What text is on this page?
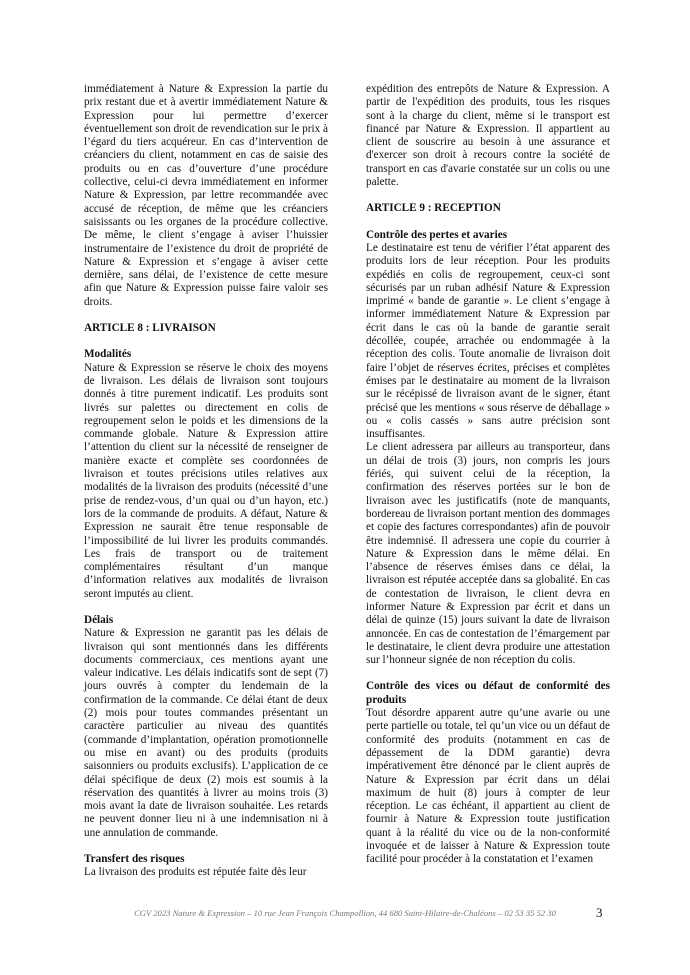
immédiatement à Nature & Expression la partie du prix restant due et à avertir immédiatement Nature & Expression pour lui permettre d’exercer éventuellement son droit de revendication sur le prix à l’égard du tiers acquéreur. En cas d’intervention de créanciers du client, notamment en cas de saisie des produits ou en cas d’ouverture d’une procédure collective, celui-ci devra immédiatement en informer Nature & Expression, par lettre recommandée avec accusé de réception, de même que les créanciers saisissants ou les organes de la procédure collective. De même, le client s’engage à aviser l’huissier instrumentaire de l’existence du droit de propriété de Nature & Expression et s’engage à aviser cette dernière, sans délai, de l’existence de cette mesure afin que Nature & Expression puisse faire valoir ses droits.

ARTICLE 8 : LIVRAISON
Modalités

Nature & Expression se réserve le choix des moyens de livraison. Les délais de livraison sont toujours donnés à titre purement indicatif. Les produits sont livrés sur palettes ou directement en colis de regroupement selon le poids et les dimensions de la commande globale. Nature & Expression attire l’attention du client sur la nécessité de renseigner de manière exacte et complète ses coordonnées de livraison et toutes précisions utiles relatives aux modalités de la livraison des produits (nécessité d’une prise de rendez-vous, d’un quai ou d’un hayon, etc.) lors de la commande de produits. A défaut, Nature & Expression ne saurait être tenue responsable de l’impossibilité de lui livrer les produits commandés. Les frais de transport ou de traitement complémentaires résultant d’un manque d’information relatives aux modalités de livraison seront imputés au client.

Délais

Nature & Expression ne garantit pas les délais de livraison qui sont mentionnés dans les différents documents commerciaux, ces mentions ayant une valeur indicative. Les délais indicatifs sont de sept (7) jours ouvrés à compter du lendemain de la confirmation de la commande. Ce délai étant de deux (2) mois pour toutes commandes présentant un caractère particulier au niveau des quantités (commande d’implantation, opération promotionnelle ou mise en avant) ou des produits (produits saisonniers ou produits exclusifs). L’application de ce délai spécifique de deux (2) mois est soumis à la réservation des quantités à livrer au moins trois (3) mois avant la date de livraison souhaitée. Les retards ne peuvent donner lieu ni à une indemnisation ni à une annulation de commande.

Transfert des risques

La livraison des produits est réputée faite dès leur

expédition des entrepôts de Nature & Expression. A partir de l'expédition des produits, tous les risques sont à la charge du client, même si le transport est financé par Nature & Expression. Il appartient au client de souscrire au besoin à une assurance et d'exercer son droit à recours contre la société de transport en cas d'avarie constatée sur un colis ou une palette.

ARTICLE 9 : RECEPTION
Contrôle des pertes et avaries

Le destinataire est tenu de vérifier l’état apparent des produits lors de leur réception. Pour les produits expédiés en colis de regroupement, ceux-ci sont sécurisés par un ruban adhésif Nature & Expression imprimé « bande de garantie ». Le client s’engage à informer immédiatement Nature & Expression par écrit dans le cas où la bande de garantie serait décollée, coupée, arrachée ou endommagée à la réception des colis. Toute anomalie de livraison doit faire l’objet de réserves écrites, précises et complètes émises par le destinataire au moment de la livraison sur le récépissé de livraison avant de le signer, étant précisé que les mentions « sous réserve de déballage » ou « colis cassés » sans autre précision sont insuffisantes.

Le client adressera par ailleurs au transporteur, dans un délai de trois (3) jours, non compris les jours fériés, qui suivent celui de la réception, la confirmation des réserves portées sur le bon de livraison avec les justificatifs (note de manquants, bordereau de livraison portant mention des dommages et copie des factures correspondantes) afin de pouvoir être indemnisé. Il adressera une copie du courrier à Nature & Expression dans le même délai. En l’absence de réserves émises dans ce délai, la livraison est réputée acceptée dans sa globalité. En cas de contestation de livraison, le client devra en informer Nature & Expression par écrit et dans un délai de quinze (15) jours suivant la date de livraison annoncée. En cas de contestation de l’émargement par le destinataire, le client devra produire une attestation sur l’honneur signée de non réception du colis.

Contrôle des vices ou défaut de conformité des produits

Tout désordre apparent autre qu’une avarie ou une perte partielle ou totale, tel qu’un vice ou un défaut de conformité des produits (notamment en cas de dépassement de la DDM garantie) devra impérativement être dénoncé par le client auprès de Nature & Expression par écrit dans un délai maximum de huit (8) jours à compter de leur réception. Le cas échéant, il appartient au client de fournir à Nature & Expression toute justification quant à la réalité du vice ou de la non-conformité invoquée et de laisser à Nature & Expression toute facilité pour procéder à la constatation et l’examen

CGV 2023 Nature & Expression – 10 rue Jean François Champollion, 44 680 Saint-Hilaire-de-Chaléons – 02 53 35 52 30	3
